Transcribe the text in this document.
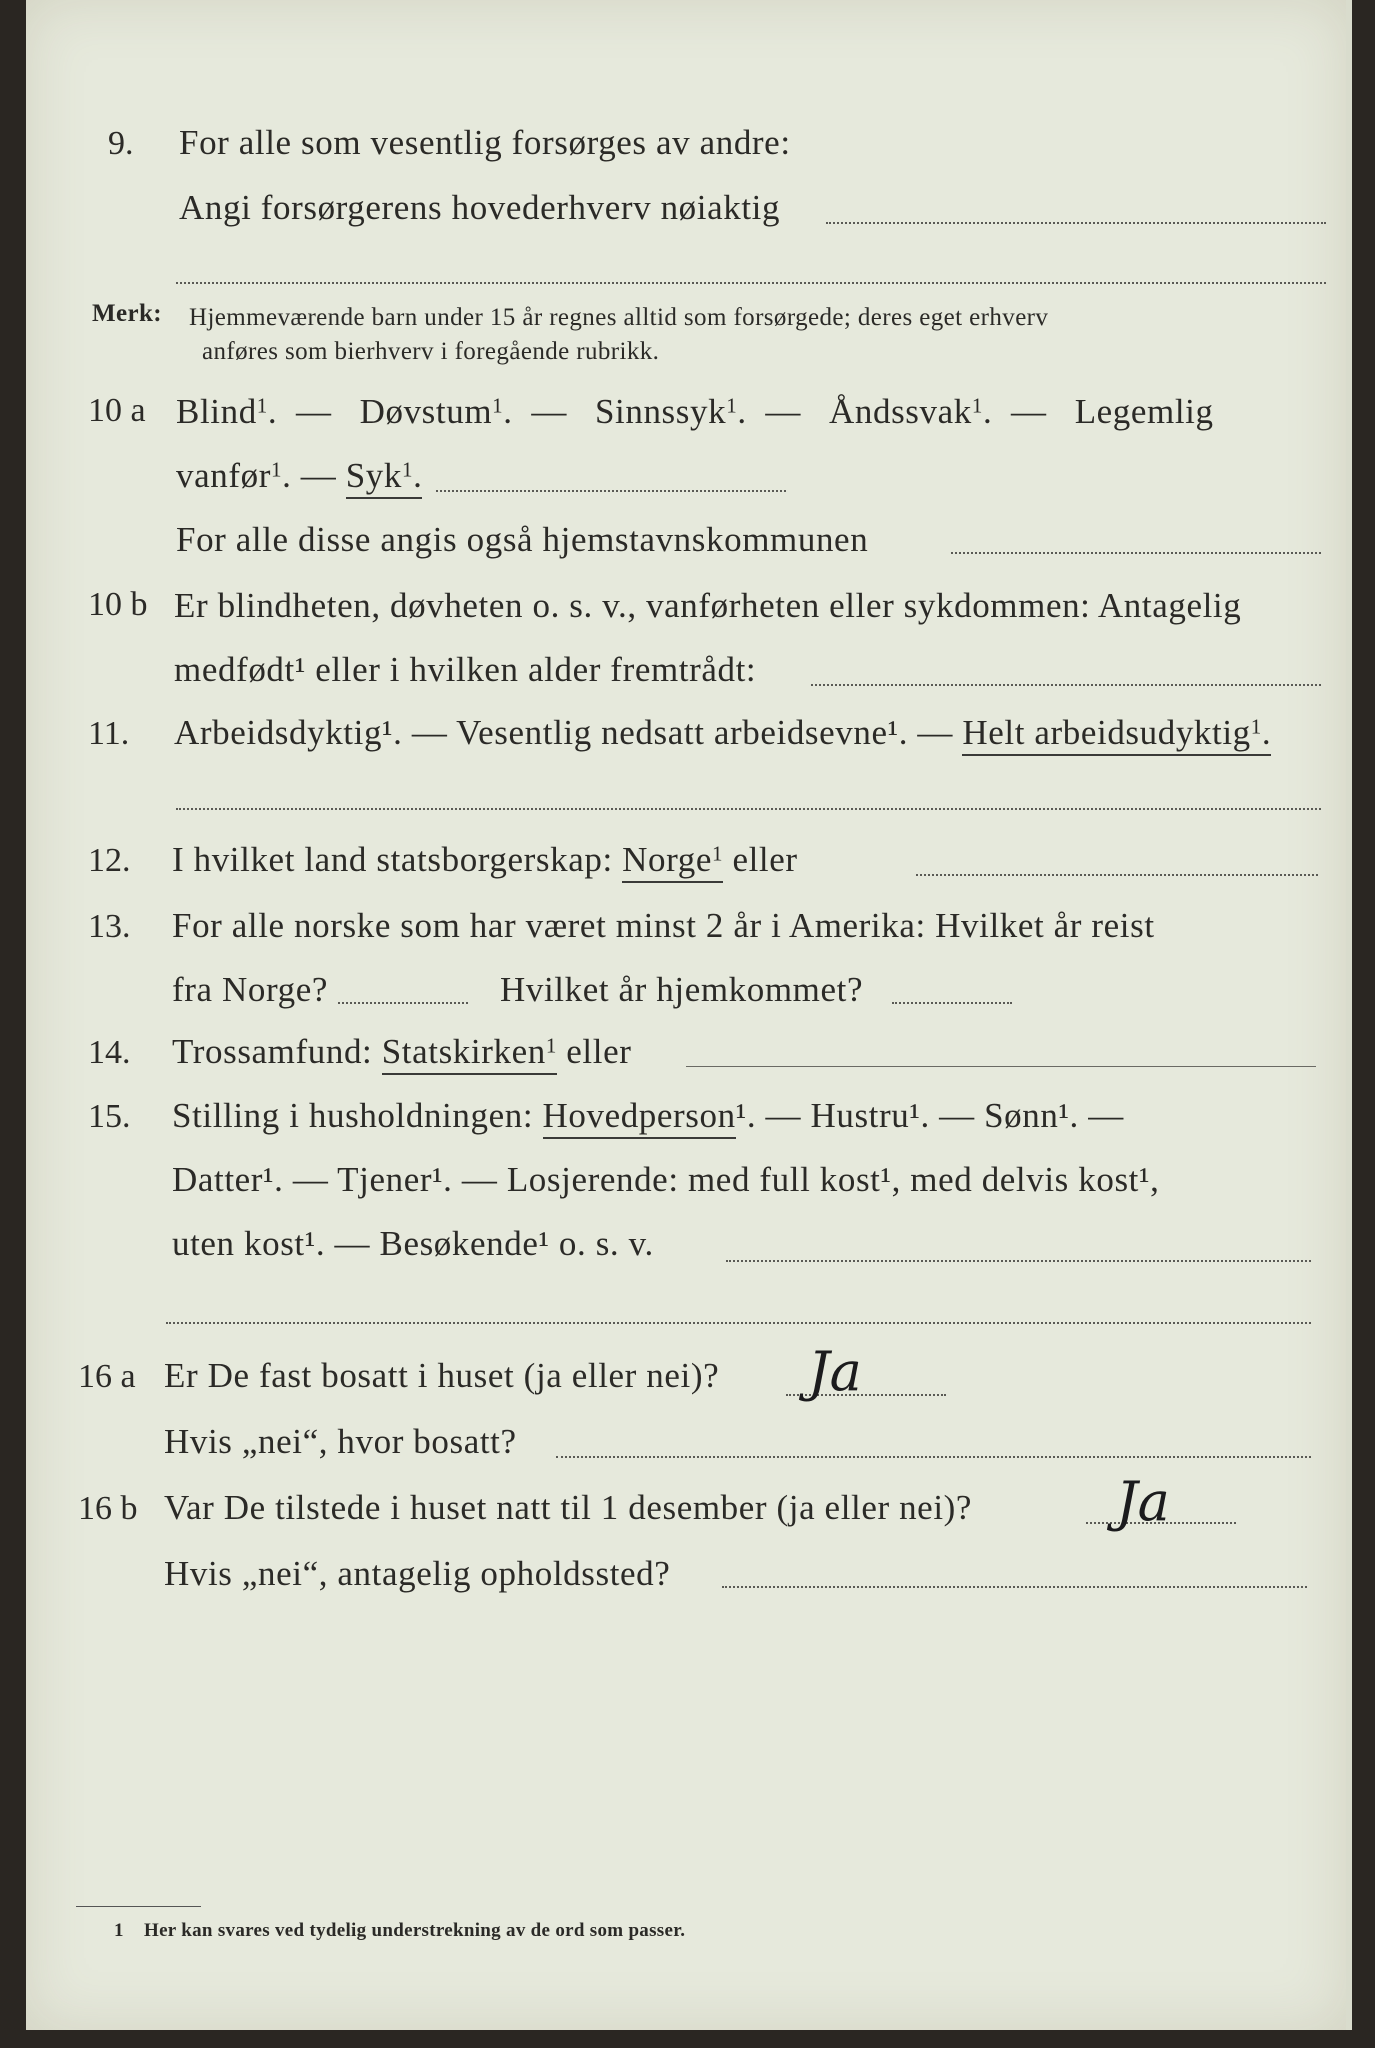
9. For alle som vesentlig forsørges av andre:
Angi forsørgerens hovederhverv nøiaktig
Merk: Hjemmeværende barn under 15 år regnes alltid som forsørgede; deres eget erhverv
anføres som bierhverv i foregående rubrikk.
10 a Blind$^1$.  —   Døvstum$^1$.  —   Sinnssyk$^1$.  —   Åndssvak$^1$.  —   Legemlig
vanfør$^1$. — Syk$^1$.
For alle disse angis også hjemstavnskommunen
10 b Er blindheten, døvheten o. s. v., vanførheten eller sykdommen: Antagelig
medfødt¹ eller i hvilken alder fremtrådt:
11. Arbeidsdyktig¹. — Vesentlig nedsatt arbeidsevne¹. — Helt arbeidsudyktig$^1$.
12. I hvilket land statsborgerskap: Norge$^1$ eller
13. For alle norske som har været minst 2 år i Amerika: Hvilket år reist
fra Norge?	Hvilket år hjemkommet?
14. Trossamfund: Statskirken$^1$ eller
15. Stilling i husholdningen: Hovedperson¹. — Hustru¹. — Sønn¹. —
Datter¹. — Tjener¹. — Losjerende: med full kost¹, med delvis kost¹,
uten kost¹. — Besøkende¹ o. s. v.
16 a Er De fast bosatt i huset (ja eller nei)? Ja
Hvis „nei“, hvor bosatt?
16 b Var De tilstede i huset natt til 1 desember (ja eller nei)?	Ja
Hvis „nei“, antagelig opholdssted?
1 Her kan svares ved tydelig understrekning av de ord som passer.
